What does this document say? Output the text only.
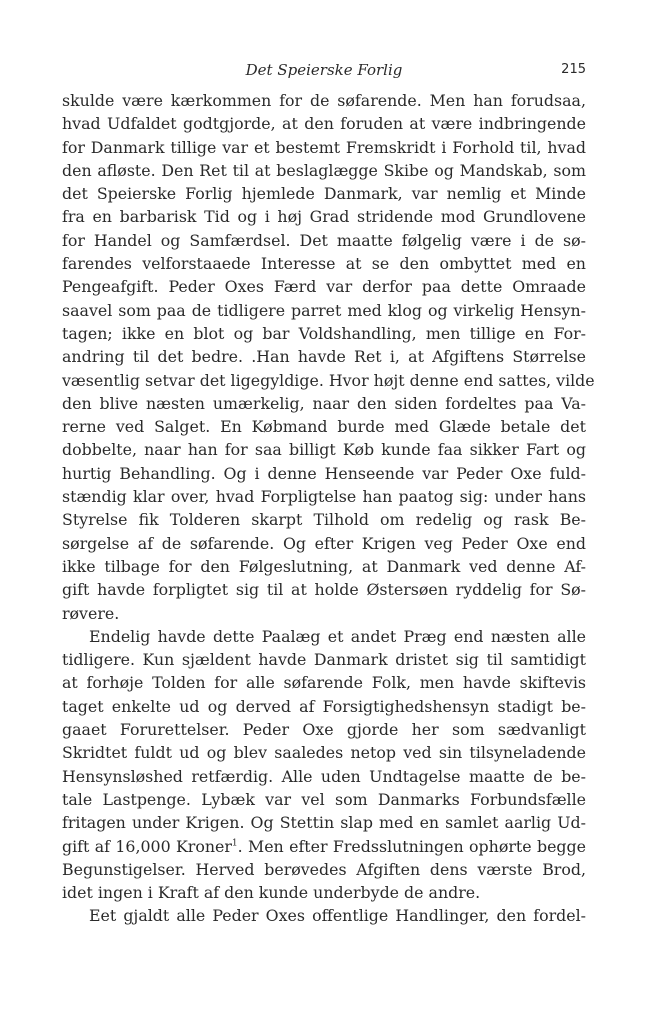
Det Speierske Forlig	215
skulde være kærkommen for de søfarende. Men han forudsaa,
hvad Udfaldet godtgjorde, at den foruden at være indbringende
for Danmark tillige var et bestemt Fremskridt i Forhold til, hvad
den afløste. Den Ret til at beslaglægge Skibe og Mandskab, som
det Speierske Forlig hjemlede Danmark, var nemlig et Minde
fra en barbarisk Tid og i høj Grad stridende mod Grundlovene
for Handel og Samfærdsel. Det maatte følgelig være i de sø-
farendes velforstaaede Interesse at se den ombyttet med en
Pengeafgift. Peder Oxes Færd var derfor paa dette Omraade
saavel som paa de tidligere parret med klog og virkelig Hensyn-
tagen; ikke en blot og bar Voldshandling, men tillige en For-
andring til det bedre. .Han havde Ret i, at Afgiftens Størrelse
væsentlig setvar det ligegyldige. Hvor højt denne end sattes, vilde
den blive næsten umærkelig, naar den siden fordeltes paa Va-
rerne ved Salget. En Købmand burde med Glæde betale det
dobbelte, naar han for saa billigt Køb kunde faa sikker Fart og
hurtig Behandling. Og i denne Henseende var Peder Oxe fuld-
stændig klar over, hvad Forpligtelse han paatog sig: under hans
Styrelse fik Tolderen skarpt Tilhold om redelig og rask Be-
sørgelse af de søfarende. Og efter Krigen veg Peder Oxe end
ikke tilbage for den Følgeslutning, at Danmark ved denne Af-
gift havde forpligtet sig til at holde Østersøen ryddelig for Sø-
røvere.
Endelig havde dette Paalæg et andet Præg end næsten alle
tidligere. Kun sjældent havde Danmark dristet sig til samtidigt
at forhøje Tolden for alle søfarende Folk, men havde skiftevis
taget enkelte ud og derved af Forsigtighedshensyn stadigt be-
gaaet Forurettelser. Peder Oxe gjorde her som sædvanligt
Skridtet fuldt ud og blev saaledes netop ved sin tilsyneladende
Hensynsløshed retfærdig. Alle uden Undtagelse maatte de be-
tale Lastpenge. Lybæk var vel som Danmarks Forbundsfælle
fritagen under Krigen. Og Stettin slap med en samlet aarlig Ud-
gift af 16,000 Kroner$^1$. Men efter Fredsslutningen ophørte begge
Begunstigelser. Herved berøvedes Afgiften dens værste Brod,
idet ingen i Kraft af den kunde underbyde de andre.
Eet gjaldt alle Peder Oxes offentlige Handlinger, den fordel-
